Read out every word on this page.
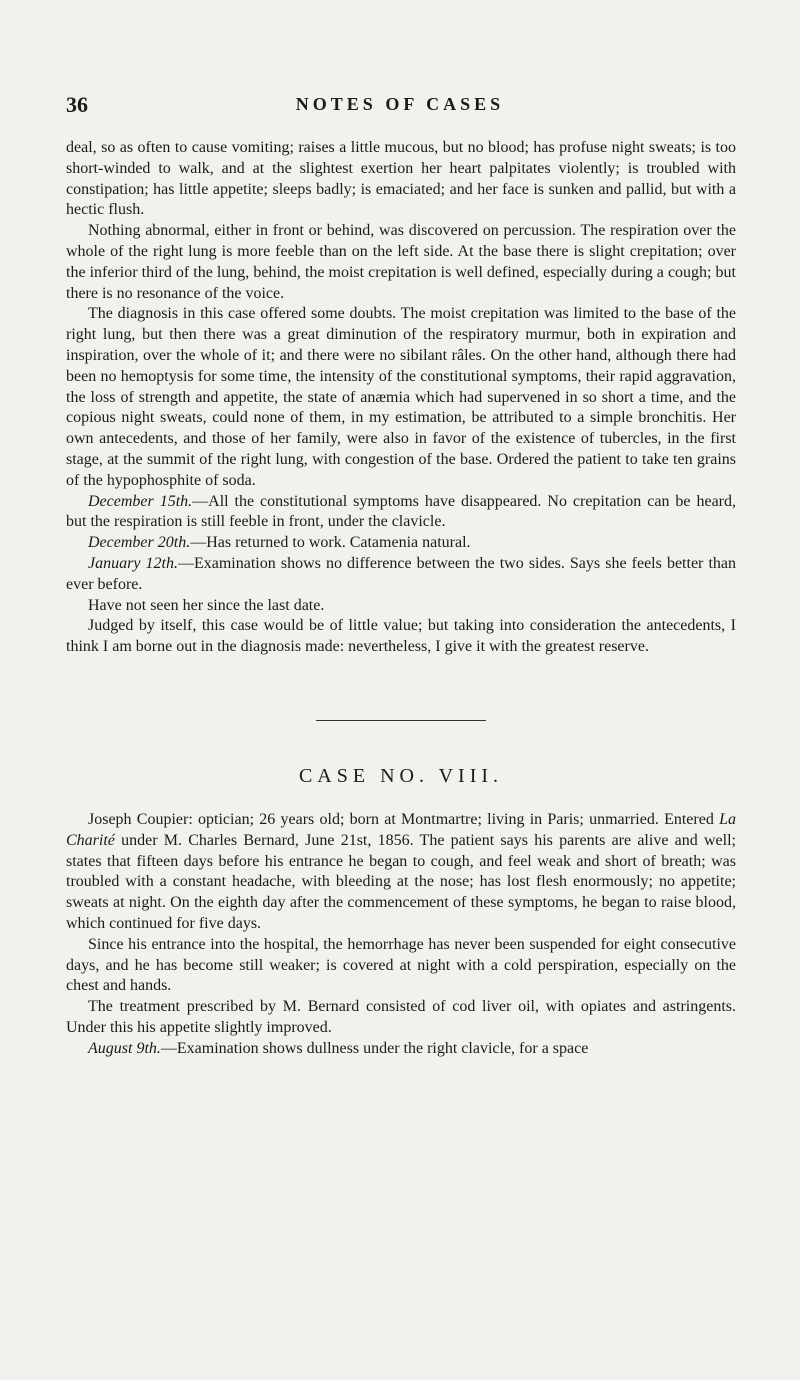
36	NOTES OF CASES

deal, so as often to cause vomiting; raises a little mucous, but no blood; has profuse night sweats; is too short-winded to walk, and at the slightest exertion her heart palpitates violently; is troubled with constipation; has little appetite; sleeps badly; is emaciated; and her face is sunken and pallid, but with a hectic flush.

Nothing abnormal, either in front or behind, was discovered on percussion. The respiration over the whole of the right lung is more feeble than on the left side. At the base there is slight crepitation; over the inferior third of the lung, behind, the moist crepitation is well defined, especially during a cough; but there is no resonance of the voice.

The diagnosis in this case offered some doubts. The moist crepitation was limited to the base of the right lung, but then there was a great diminution of the respiratory murmur, both in expiration and inspiration, over the whole of it; and there were no sibilant râles. On the other hand, although there had been no hemoptysis for some time, the intensity of the constitutional symptoms, their rapid aggravation, the loss of strength and appetite, the state of anæmia which had supervened in so short a time, and the copious night sweats, could none of them, in my estimation, be attributed to a simple bronchitis. Her own antecedents, and those of her family, were also in favor of the existence of tubercles, in the first stage, at the summit of the right lung, with congestion of the base. Ordered the patient to take ten grains of the hypophosphite of soda.

December 15th.—All the constitutional symptoms have disappeared. No crepitation can be heard, but the respiration is still feeble in front, under the clavicle.

December 20th.—Has returned to work. Catamenia natural.

January 12th.—Examination shows no difference between the two sides. Says she feels better than ever before.

Have not seen her since the last date.

Judged by itself, this case would be of little value; but taking into consideration the antecedents, I think I am borne out in the diagnosis made: nevertheless, I give it with the greatest reserve.

CASE NO. VIII.

Joseph Coupier: optician; 26 years old; born at Montmartre; living in Paris; unmarried. Entered La Charité under M. Charles Bernard, June 21st, 1856. The patient says his parents are alive and well; states that fifteen days before his entrance he began to cough, and feel weak and short of breath; was troubled with a constant headache, with bleeding at the nose; has lost flesh enormously; no appetite; sweats at night. On the eighth day after the commencement of these symptoms, he began to raise blood, which continued for five days.

Since his entrance into the hospital, the hemorrhage has never been suspended for eight consecutive days, and he has become still weaker; is covered at night with a cold perspiration, especially on the chest and hands.

The treatment prescribed by M. Bernard consisted of cod liver oil, with opiates and astringents. Under this his appetite slightly improved.

August 9th.—Examination shows dullness under the right clavicle, for a space
